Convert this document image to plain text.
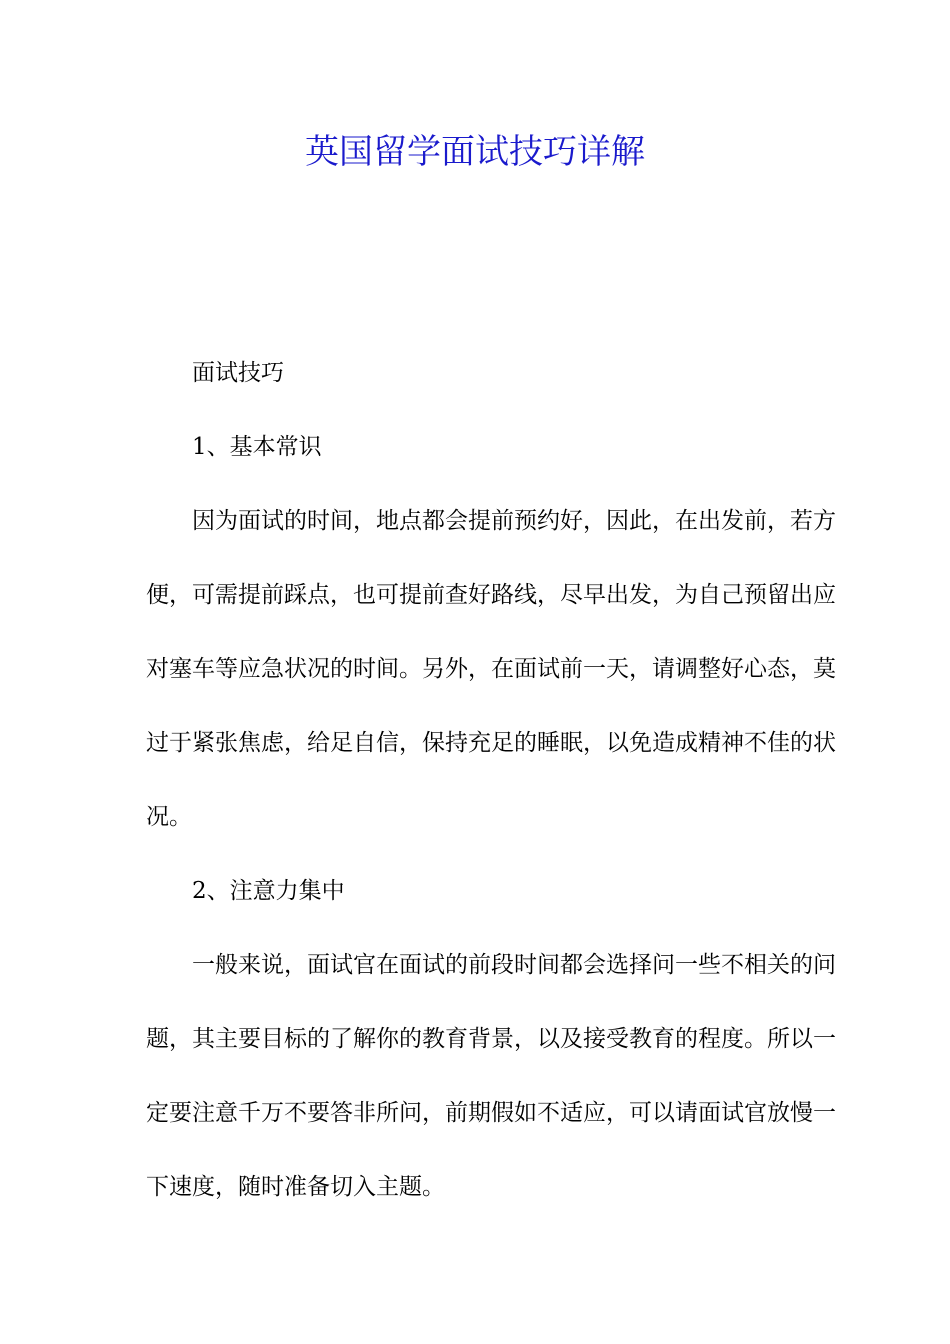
英国留学面试技巧详解

面试技巧

1、基本常识

因为面试的时间，地点都会提前预约好，因此，在出发前，若方便，可需提前踩点，也可提前查好路线，尽早出发，为自己预留出应对塞车等应急状况的时间。另外，在面试前一天，请调整好心态，莫过于紧张焦虑，给足自信，保持充足的睡眠，以免造成精神不佳的状况。

2、注意力集中

一般来说，面试官在面试的前段时间都会选择问一些不相关的问题，其主要目标的了解你的教育背景，以及接受教育的程度。所以一定要注意千万不要答非所问，前期假如不适应，可以请面试官放慢一下速度，随时准备切入主题。
